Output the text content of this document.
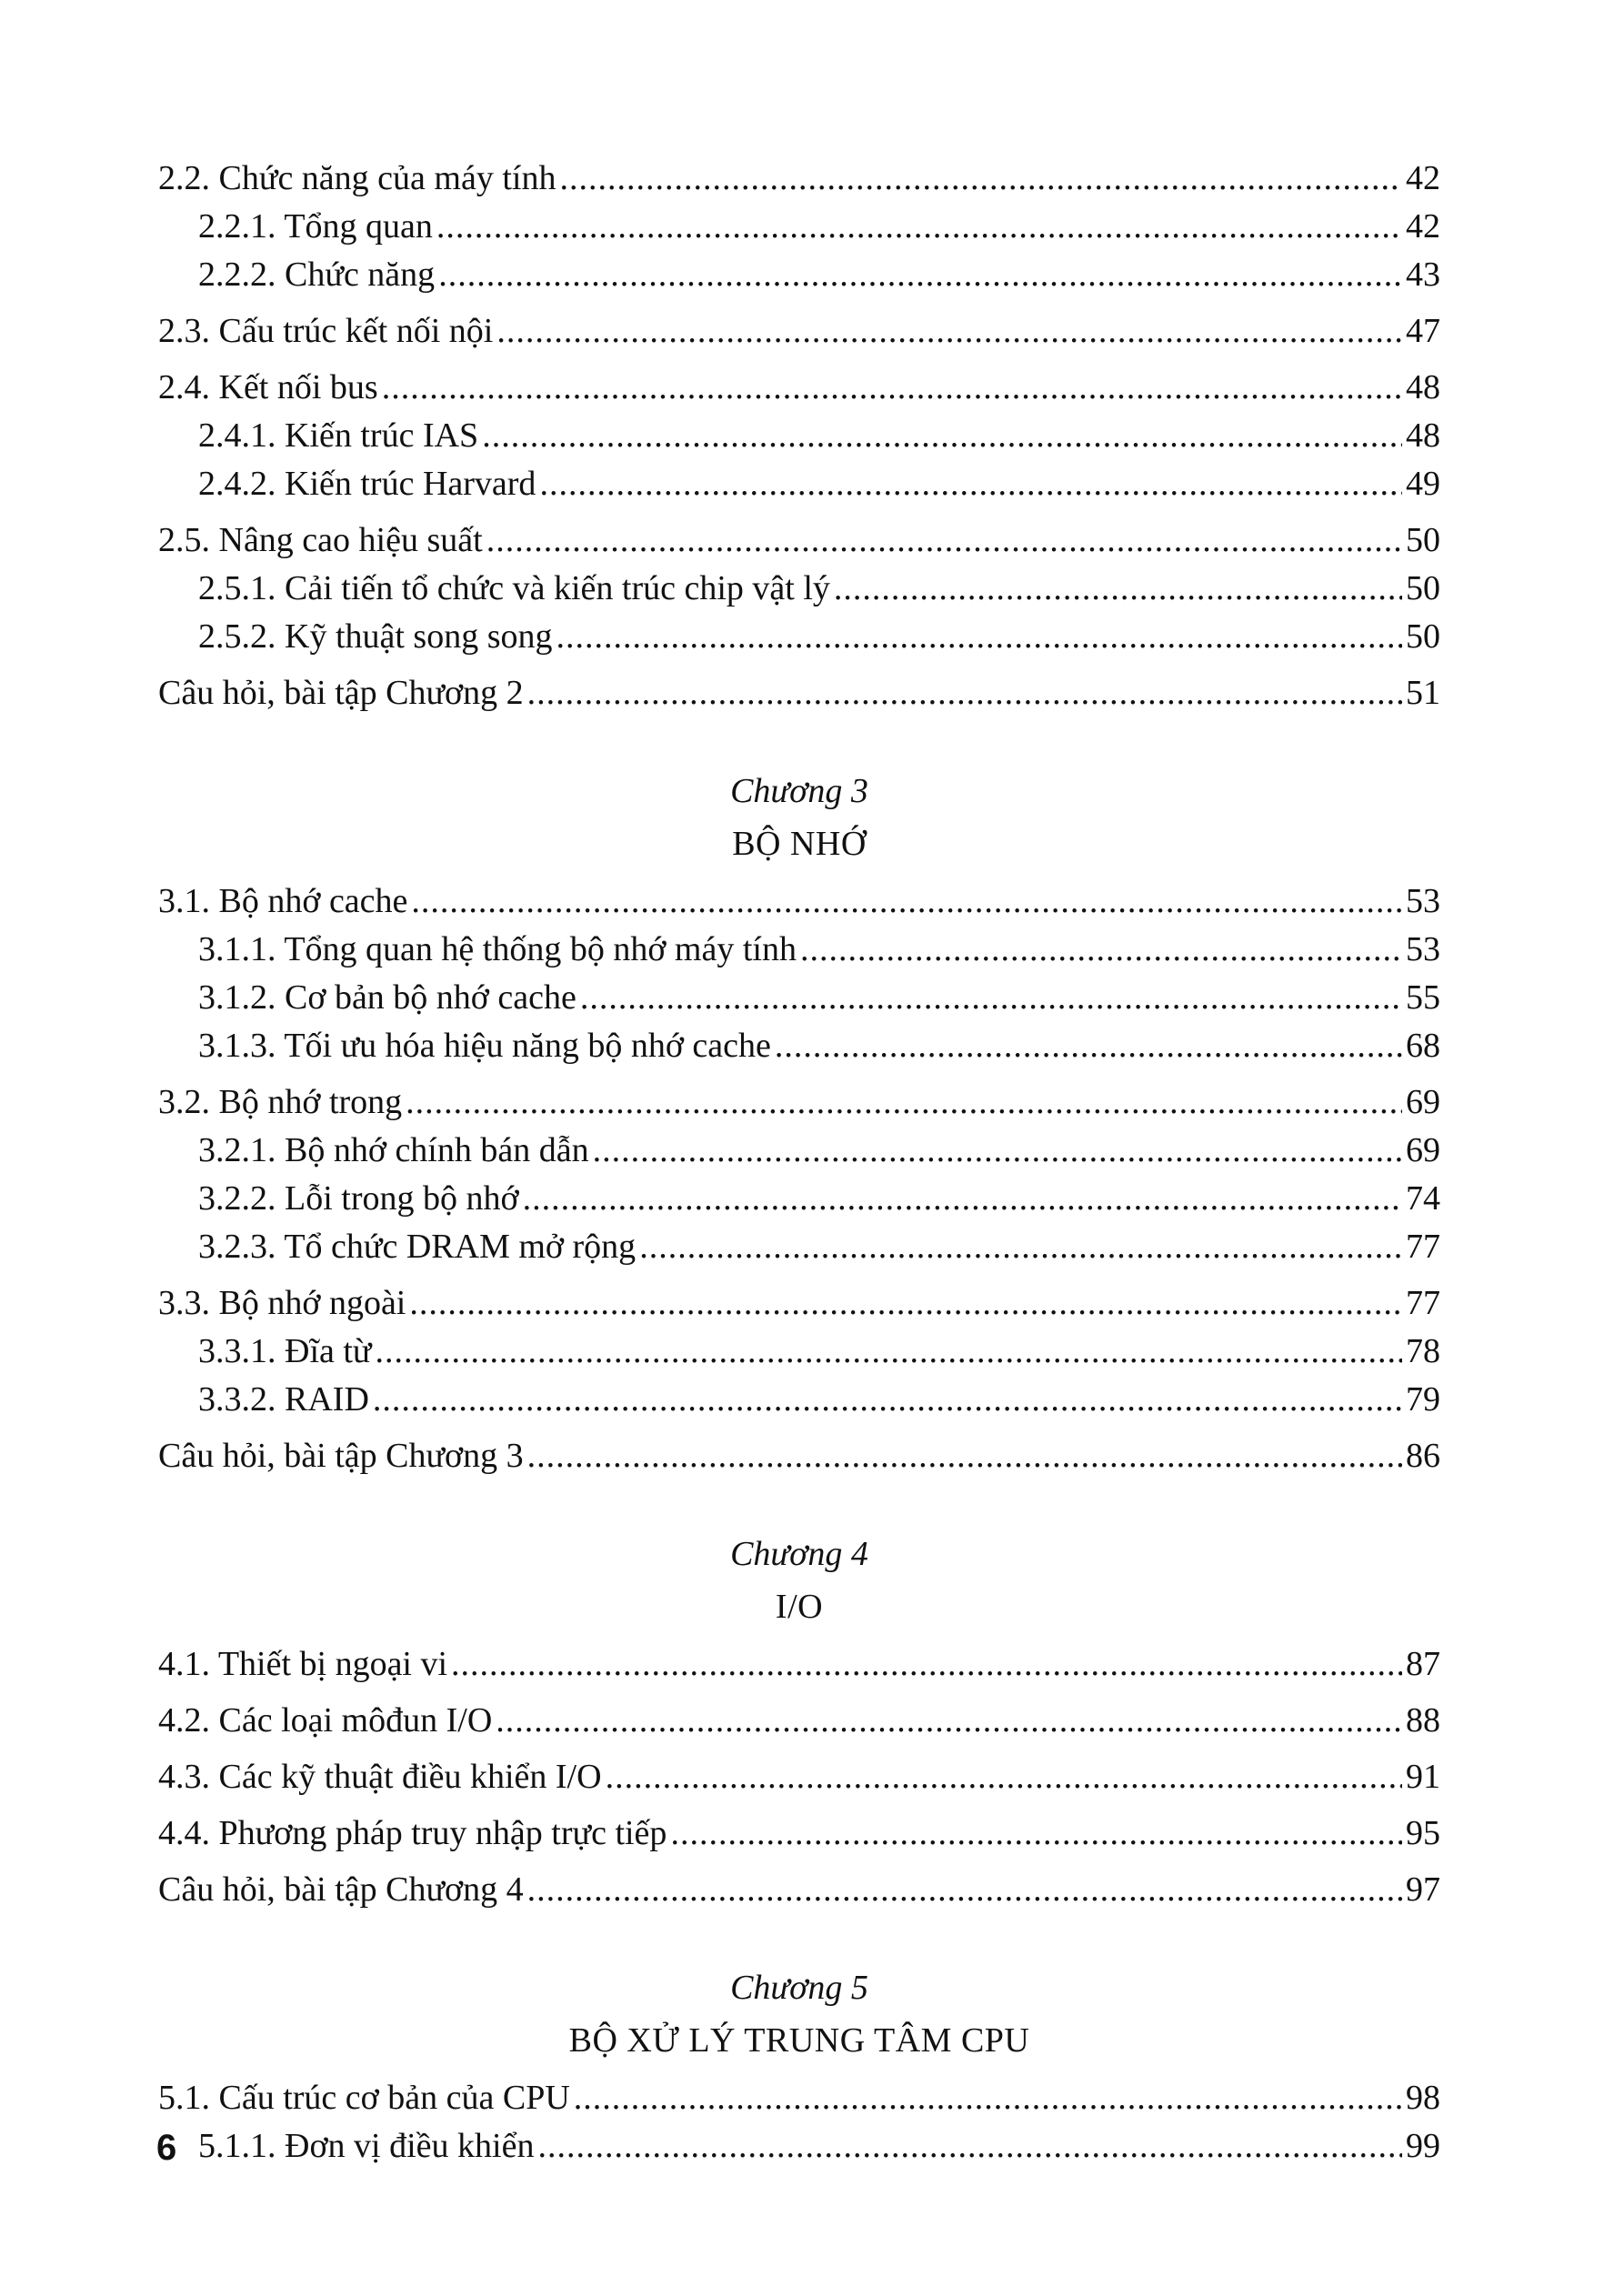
2.2. Chức năng của máy tính .....	42
2.2.1. Tổng quan .....	42
2.2.2. Chức năng .....	43
2.3. Cấu trúc kết nối nội .....	47
2.4. Kết nối bus .....	48
2.4.1. Kiến trúc IAS .....	48
2.4.2. Kiến trúc Harvard .....	49
2.5. Nâng cao hiệu suất .....	50
2.5.1. Cải tiến tổ chức và kiến trúc chip vật lý .....	50
2.5.2. Kỹ thuật song song .....	50
Câu hỏi, bài tập Chương 2 .....	51
Chương 3
BỘ NHỚ
3.1. Bộ nhớ cache .....	53
3.1.1. Tổng quan hệ thống bộ nhớ máy tính .....	53
3.1.2. Cơ bản bộ nhớ cache .....	55
3.1.3. Tối ưu hóa hiệu năng bộ nhớ cache .....	68
3.2. Bộ nhớ trong .....	69
3.2.1. Bộ nhớ chính bán dẫn .....	69
3.2.2. Lỗi trong bộ nhớ .....	74
3.2.3. Tổ chức DRAM mở rộng .....	77
3.3. Bộ nhớ ngoài .....	77
3.3.1. Đĩa từ .....	78
3.3.2. RAID .....	79
Câu hỏi, bài tập Chương 3 .....	86
Chương 4
I/O
4.1. Thiết bị ngoại vi .....	87
4.2. Các loại môđun I/O .....	88
4.3. Các kỹ thuật điều khiển I/O .....	91
4.4. Phương pháp truy nhập trực tiếp .....	95
Câu hỏi, bài tập Chương 4 .....	97
Chương 5
BỘ XỬ LÝ TRUNG TÂM CPU
5.1. Cấu trúc cơ bản của CPU .....	98
5.1.1. Đơn vị điều khiển .....	99
6
